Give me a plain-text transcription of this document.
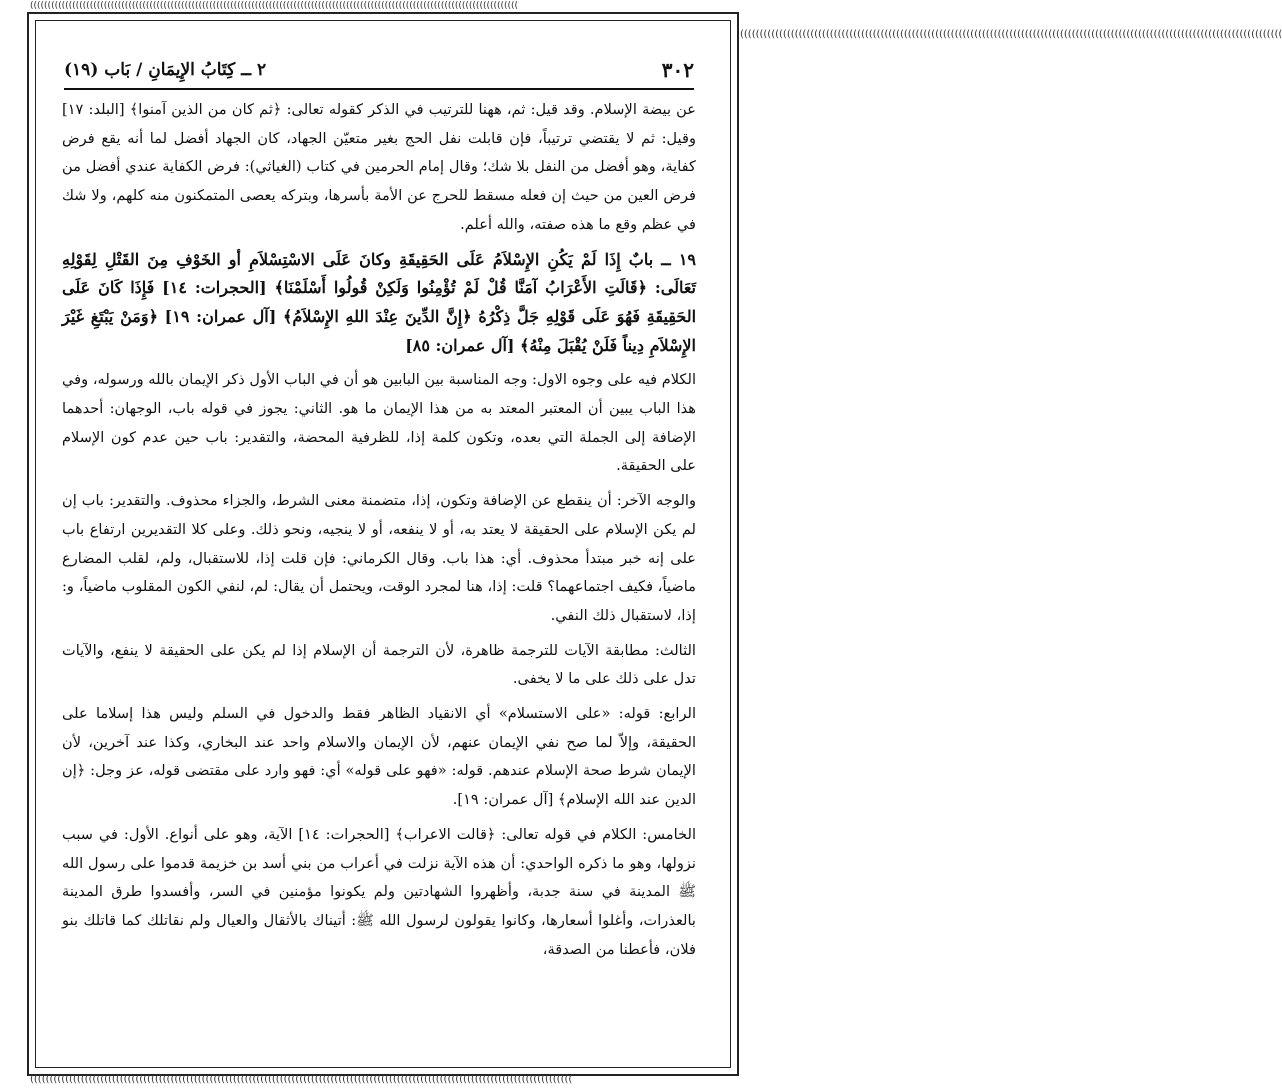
(((((((((((((((((((((((((((((((((((((((((((((((((((((((((((((((((((((((((((((((((((((((((((((((((((((((((((((((((((((((((((((((((((((((((((
(((((((((((((((((((((((((((((((((((((((((((((((((((((((((((((((((((((((((((((((((((((((((((((((((((((((((((((((((((((((((((((((((((((((((((
(((((((((((((((((((((((((((((((((((((((((((((((((((((((((((((((((((((((((((((((((((((((((((((((((((((((((((((((((((((((((((((((((((((((((((
٣٠٢
٢ ــ كِتَابُ الإِيمَانِ / بَاب (١٩)

عن بيضة الإسلام. وقد قيل: ثم، ههنا للترتيب في الذكر كقوله تعالى: ﴿ثم كان من الذين آمنوا﴾ [البلد: ١٧] وقيل: ثم لا يقتضي ترتيباً، فإن قابلت نفل الحج بغير متعيّن الجهاد، كان الجهاد أفضل لما أنه يقع فرض كفاية، وهو أفضل من النفل بلا شك؛ وقال إمام الحرمين في كتاب (الغياثي): فرض الكفاية عندي أفضل من فرض العين من حيث إن فعله مسقط للحرج عن الأمة بأسرها، وبتركه يعصى المتمكنون منه كلهم، ولا شك في عظم وقع ما هذه صفته، والله أعلم.

١٩ ــ بابٌ إِذَا لَمْ يَكُنِ الإِسْلاَمُ عَلَى الحَقِيقَةِ وكانَ عَلَى الاسْتِسْلاَمِ أو الخَوْفِ مِنَ القَتْلِ لِقَوْلِهِ تَعَالَى: ﴿قَالَتِ الأَعْرَابُ آمَنَّا قُلْ لَمْ تُؤْمِنُوا وَلَكِنْ قُولُوا أَسْلَمْنَا﴾ [الحجرات: ١٤] فَإِذَا كَانَ عَلَى الحَقِيقَةِ فَهُوَ عَلَى قَوْلِهِ جَلَّ ذِكْرُهُ ﴿إِنَّ الدِّينَ عِنْدَ اللهِ الإِسْلاَمُ﴾ [آل عمران: ١٩] ﴿وَمَنْ يَبْتَغِ غَيْرَ الإِسْلاَمِ دِيناً فَلَنْ يُقْبَلَ مِنْهُ﴾ [آل عمران: ٨٥]

الكلام فيه على وجوه الاول: وجه المناسبة بين البابين هو أن في الباب الأول ذكر الإيمان بالله ورسوله، وفي هذا الباب يبين أن المعتبر المعتد به من هذا الإيمان ما هو. الثاني: يجوز في قوله باب، الوجهان: أحدهما الإضافة إلى الجملة التي بعده، وتكون كلمة إذا، للظرفية المحضة، والتقدير: باب حين عدم كون الإسلام على الحقيقة.

والوجه الآخر: أن ينقطع عن الإضافة وتكون، إذا، متضمنة معنى الشرط، والجزاء محذوف. والتقدير: باب إن لم يكن الإسلام على الحقيقة لا يعتد به، أو لا ينفعه، أو لا ينجيه، ونحو ذلك. وعلى كلا التقديرين ارتفاع باب على إنه خبر مبتدأ محذوف. أي: هذا باب. وقال الكرماني: فإن قلت إذا، للاستقبال، ولم، لقلب المضارع ماضياً، فكيف اجتماعهما؟ قلت: إذا، هنا لمجرد الوقت، ويحتمل أن يقال: لم، لنفي الكون المقلوب ماضياً، و: إذا، لاستقبال ذلك النفي.

الثالث: مطابقة الآيات للترجمة ظاهرة، لأن الترجمة أن الإسلام إذا لم يكن على الحقيقة لا ينفع، والآيات تدل على ذلك على ما لا يخفى.

الرابع: قوله: «على الاستسلام» أي الانقياد الظاهر فقط والدخول في السلم وليس هذا إسلاما على الحقيقة، وإلاّ لما صح نفي الإيمان عنهم، لأن الإيمان والاسلام واحد عند البخاري، وكذا عند آخرين، لأن الإيمان شرط صحة الإسلام عندهم. قوله: «فهو على قوله» أي: فهو وارد على مقتضى قوله، عز وجل: ﴿إن الدين عند الله الإسلام﴾ [آل عمران: ١٩].

الخامس: الكلام في قوله تعالى: ﴿قالت الاعراب﴾ [الحجرات: ١٤] الآية، وهو على أنواع. الأول: في سبب نزولها، وهو ما ذكره الواحدي: أن هذه الآية نزلت في أعراب من بني أسد بن خزيمة قدموا على رسول الله ﷺ المدينة في سنة جدبة، وأظهروا الشهادتين ولم يكونوا مؤمنين في السر، وأفسدوا طرق المدينة بالعذرات، وأغلوا أسعارها، وكانوا يقولون لرسول الله ﷺ: أتيناك بالأثقال والعيال ولم نقاتلك كما قاتلك بنو فلان، فأعطنا من الصدقة،
